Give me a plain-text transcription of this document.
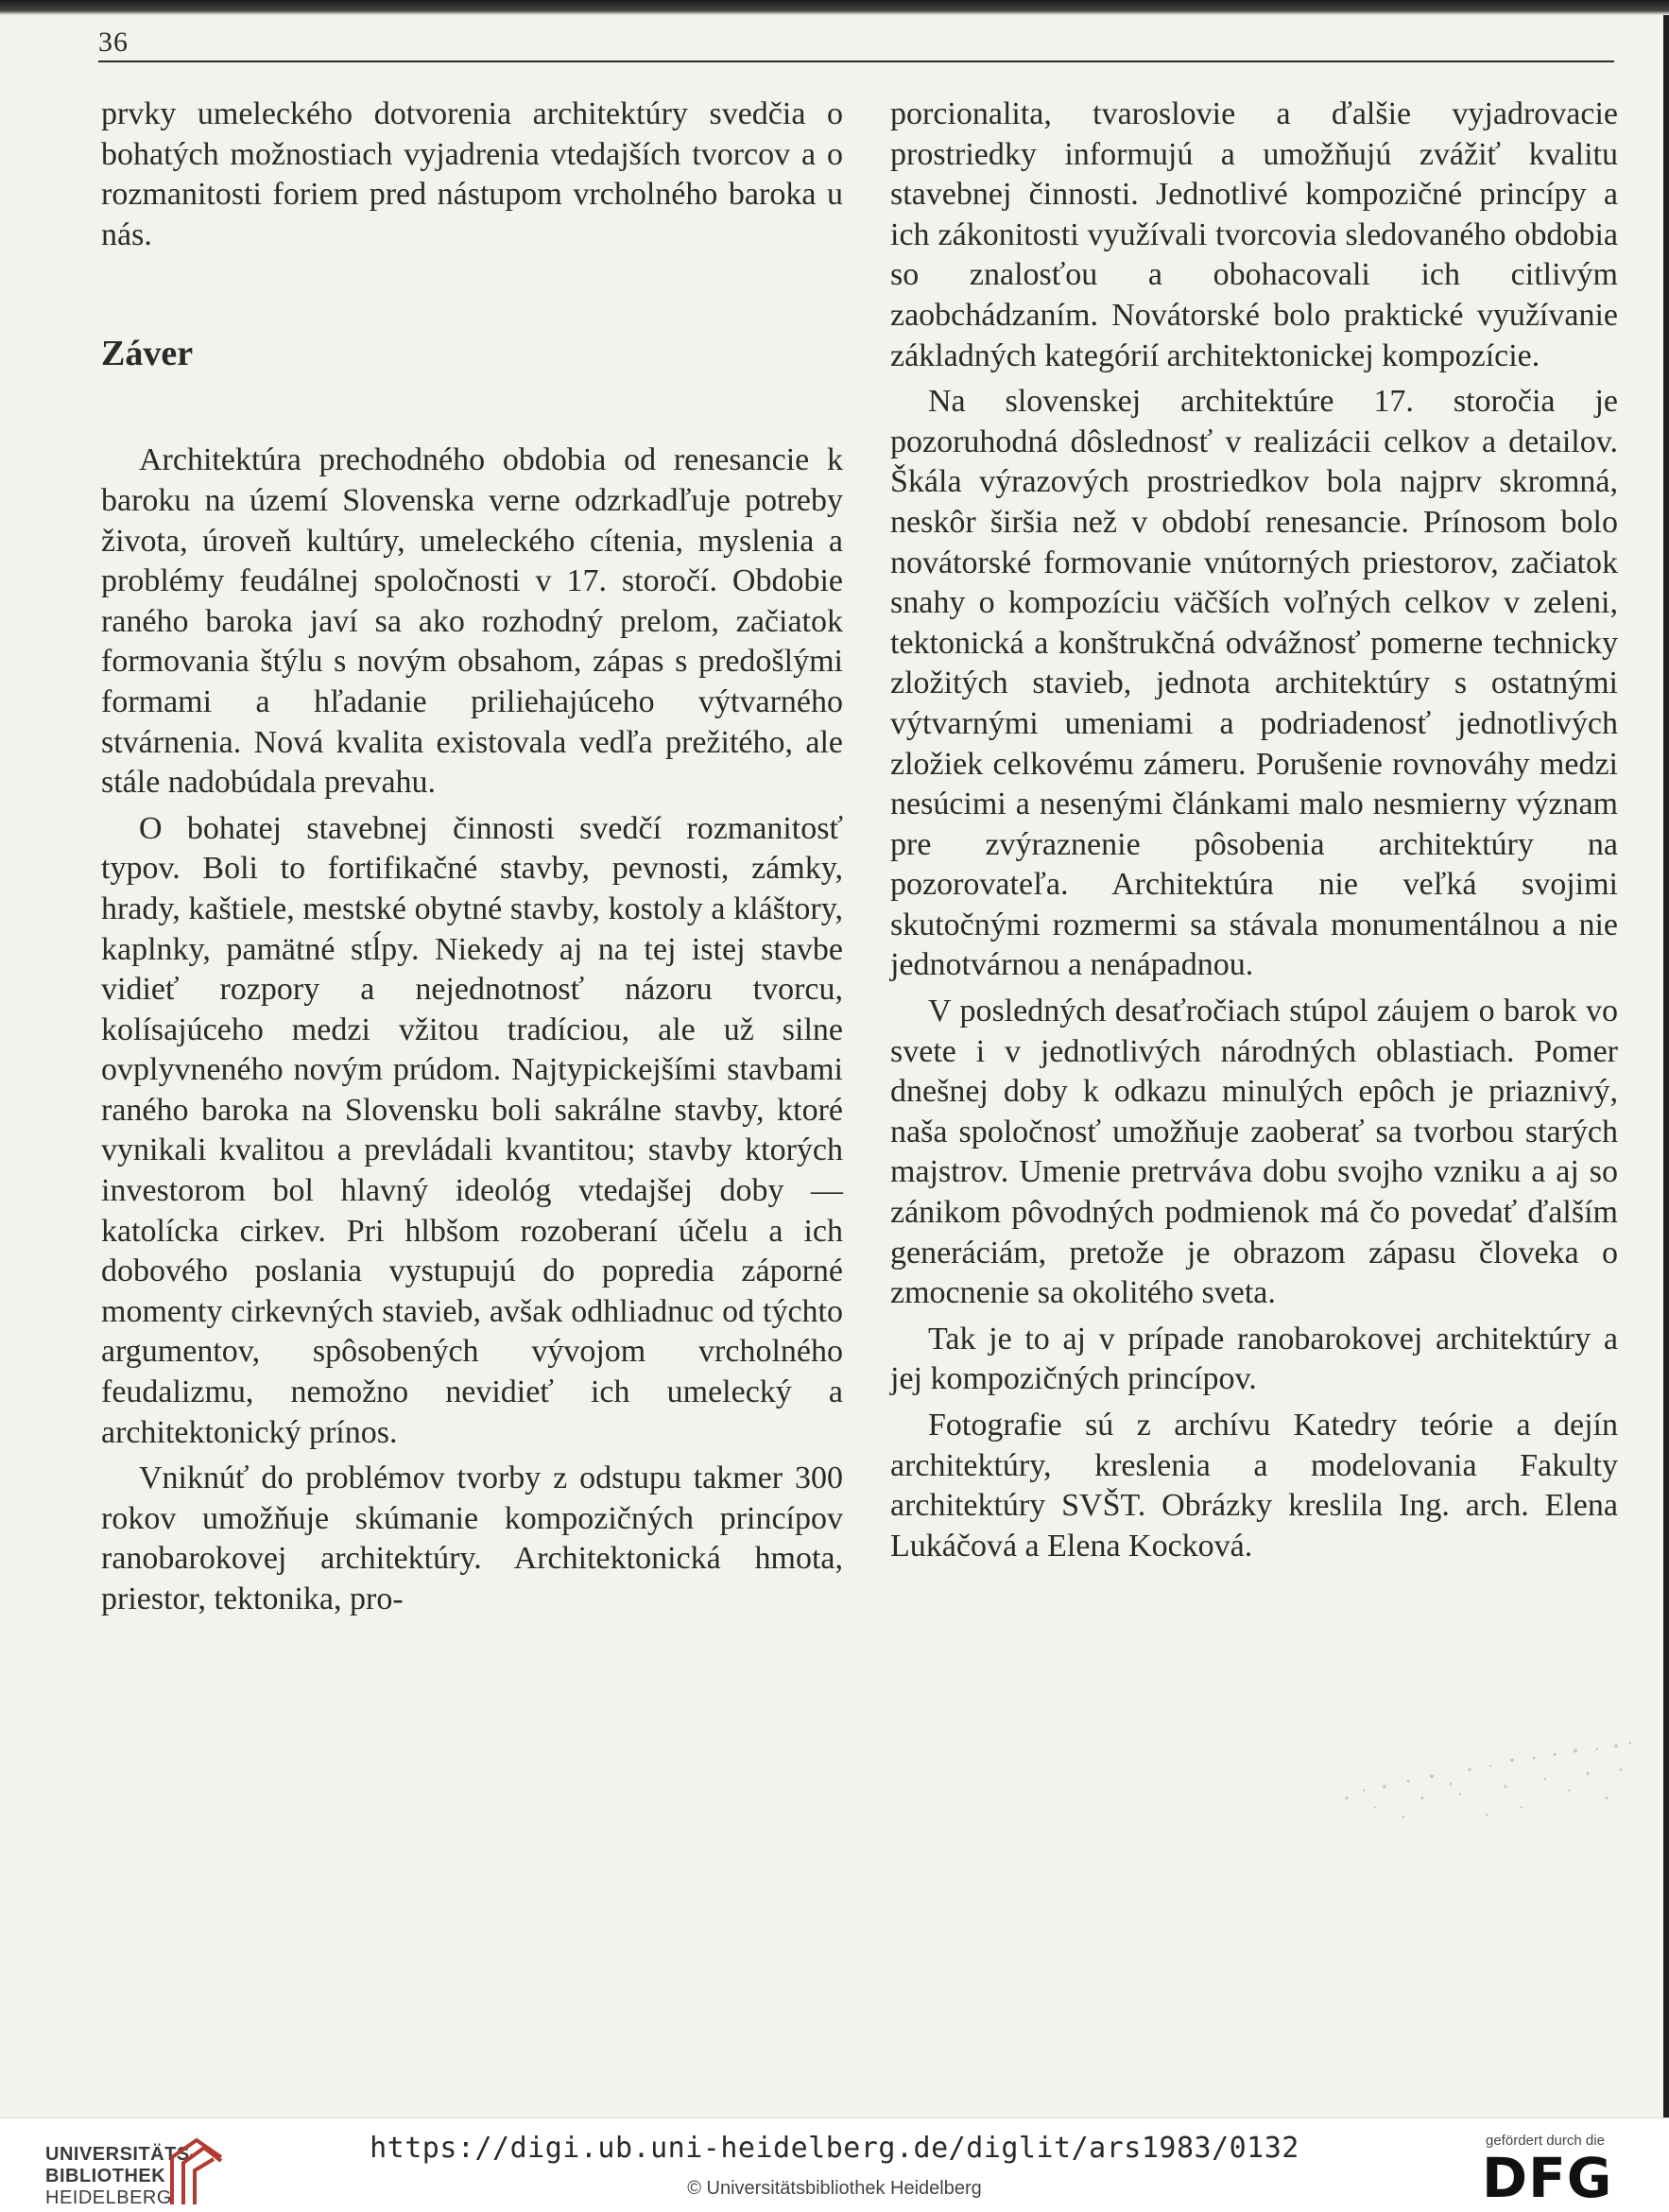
36

prvky umeleckého dotvorenia architektúry svedčia o bohatých možnostiach vyjadrenia vtedajších tvorcov a o rozmanitosti foriem pred nástupom vrcholného baroka u nás.

Záver

Architektúra prechodného obdobia od renesancie k baroku na území Slovenska verne odzrkadľuje potreby života, úroveň kultúry, umeleckého cítenia, myslenia a problémy feudálnej spoločnosti v 17. storočí. Obdobie raného baroka javí sa ako rozhodný prelom, začiatok formovania štýlu s novým obsahom, zápas s predošlými formami a hľadanie priliehajúceho výtvarného stvárnenia. Nová kvalita existovala vedľa prežitého, ale stále nadobúdala prevahu.

O bohatej stavebnej činnosti svedčí rozmanitosť typov. Boli to fortifikačné stavby, pevnosti, zámky, hrady, kaštiele, mestské obytné stavby, kostoly a kláštory, kaplnky, pamätné stĺpy. Niekedy aj na tej istej stavbe vidieť rozpory a nejednotnosť názoru tvorcu, kolísajúceho medzi vžitou tradíciou, ale už silne ovplyvneného novým prúdom. Najtypickejšími stavbami raného baroka na Slovensku boli sakrálne stavby, ktoré vynikali kvalitou a prevládali kvantitou; stavby ktorých investorom bol hlavný ideológ vtedajšej doby — katolícka cirkev. Pri hlbšom rozoberaní účelu a ich dobového poslania vystupujú do popredia záporné momenty cirkevných stavieb, avšak odhliadnuc od týchto argumentov, spôsobených vývojom vrcholného feudalizmu, nemožno nevidieť ich umelecký a architektonický prínos.

Vniknúť do problémov tvorby z odstupu takmer 300 rokov umožňuje skúmanie kompozičných princípov ranobarokovej architektúry. Architektonická hmota, priestor, tektonika, pro-

porcionalita, tvaroslovie a ďalšie vyjadrovacie prostriedky informujú a umožňujú zvážiť kvalitu stavebnej činnosti. Jednotlivé kompozičné princípy a ich zákonitosti využívali tvorcovia sledovaného obdobia so znalosťou a obohacovali ich citlivým zaobchádzaním. Novátorské bolo praktické využívanie základných kategórií architektonickej kompozície.

Na slovenskej architektúre 17. storočia je pozoruhodná dôslednosť v realizácii celkov a detailov. Škála výrazových prostriedkov bola najprv skromná, neskôr širšia než v období renesancie. Prínosom bolo novátorské formovanie vnútorných priestorov, začiatok snahy o kompozíciu väčších voľných celkov v zeleni, tektonická a konštrukčná odvážnosť pomerne technicky zložitých stavieb, jednota architektúry s ostatnými výtvarnými umeniami a podriadenosť jednotlivých zložiek celkovému zámeru. Porušenie rovnováhy medzi nesúcimi a nesenými článkami malo nesmierny význam pre zvýraznenie pôsobenia architektúry na pozorovateľa. Architektúra nie veľká svojimi skutočnými rozmermi sa stávala monumentálnou a nie jednotvárnou a nenápadnou.

V posledných desaťročiach stúpol záujem o barok vo svete i v jednotlivých národných oblastiach. Pomer dnešnej doby k odkazu minulých epôch je priaznivý, naša spoločnosť umožňuje zaoberať sa tvorbou starých majstrov. Umenie pretrváva dobu svojho vzniku a aj so zánikom pôvodných podmienok má čo povedať ďalším generáciám, pretože je obrazom zápasu človeka o zmocnenie sa okolitého sveta.

Tak je to aj v prípade ranobarokovej architektúry a jej kompozičných princípov.

Fotografie sú z archívu Katedry teórie a dejín architektúry, kreslenia a modelovania Fakulty architektúry SVŠT. Obrázky kreslila Ing. arch. Elena Lukáčová a Elena Kocková.

UNIVERSITÄTS-
BIBLIOTHEK
HEIDELBERG
https://digi.ub.uni-heidelberg.de/diglit/ars1983/0132
© Universitätsbibliothek Heidelberg
gefördert durch die
DFG
